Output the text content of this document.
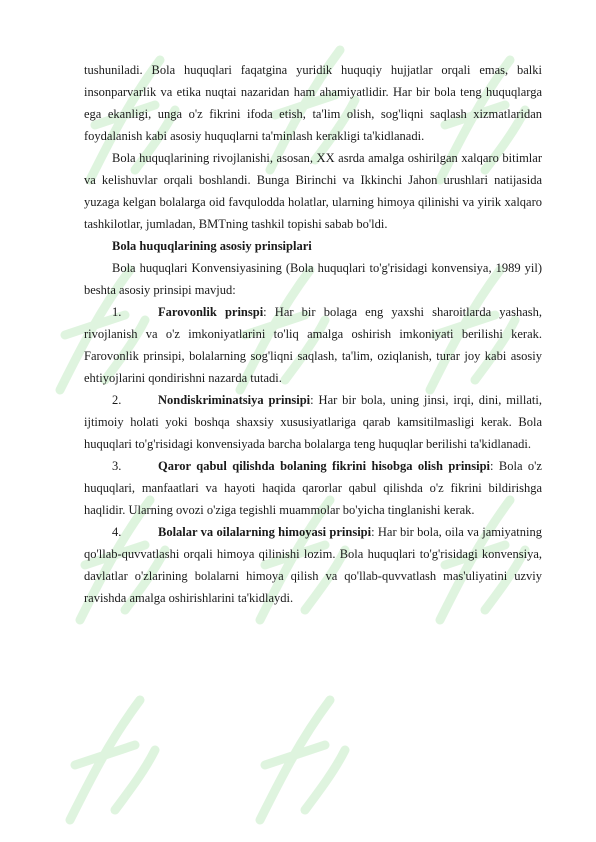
tushuniladi. Bola huquqlari faqatgina yuridik huquqiy hujjatlar orqali emas, balki insonparvarlik va etika nuqtai nazaridan ham ahamiyatlidir. Har bir bola teng huquqlarga ega ekanligi, unga o'z fikrini ifoda etish, ta'lim olish, sog'liqni saqlash xizmatlaridan foydalanish kabi asosiy huquqlarni ta'minlash kerakligi ta'kidlanadi.

Bola huquqlarining rivojlanishi, asosan, XX asrda amalga oshirilgan xalqaro bitimlar va kelishuvlar orqali boshlandi. Bunga Birinchi va Ikkinchi Jahon urushlari natijasida yuzaga kelgan bolalarga oid favqulodda holatlar, ularning himoya qilinishi va yirik xalqaro tashkilotlar, jumladan, BMTning tashkil topishi sabab bo'ldi.

Bola huquqlarining asosiy prinsiplari

Bola huquqlari Konvensiyasining (Bola huquqlari to'g'risidagi konvensiya, 1989 yil) beshta asosiy prinsipi mavjud:

1.	Farovonlik prinspi: Har bir bolaga eng yaxshi sharoitlarda yashash, rivojlanish va o'z imkoniyatlarini to'liq amalga oshirish imkoniyati berilishi kerak. Farovonlik prinsipi, bolalarning sog'liqni saqlash, ta'lim, oziqlanish, turar joy kabi asosiy ehtiyojlarini qondirishni nazarda tutadi.

2.	Nondiskriminatsiya prinsipi: Har bir bola, uning jinsi, irqi, dini, millati, ijtimoiy holati yoki boshqa shaxsiy xususiyatlariga qarab kamsitilmasligi kerak. Bola huquqlari to'g'risidagi konvensiyada barcha bolalarga teng huquqlar berilishi ta'kidlanadi.

3.	Qaror qabul qilishda bolaning fikrini hisobga olish prinsipi: Bola o'z huquqlari, manfaatlari va hayoti haqida qarorlar qabul qilishda o'z fikrini bildirishga haqlidir. Ularning ovozi o'ziga tegishli muammolar bo'yicha tinglanishi kerak.

4.	Bolalar va oilalarning himoyasi prinsipi: Har bir bola, oila va jamiyatning qo'llab-quvvatlashi orqali himoya qilinishi lozim. Bola huquqlari to'g'risidagi konvensiya, davlatlar o'zlarining bolalarni himoya qilish va qo'llab-quvvatlash mas'uliyatini uzviy ravishda amalga oshirishlarini ta'kidlaydi.
